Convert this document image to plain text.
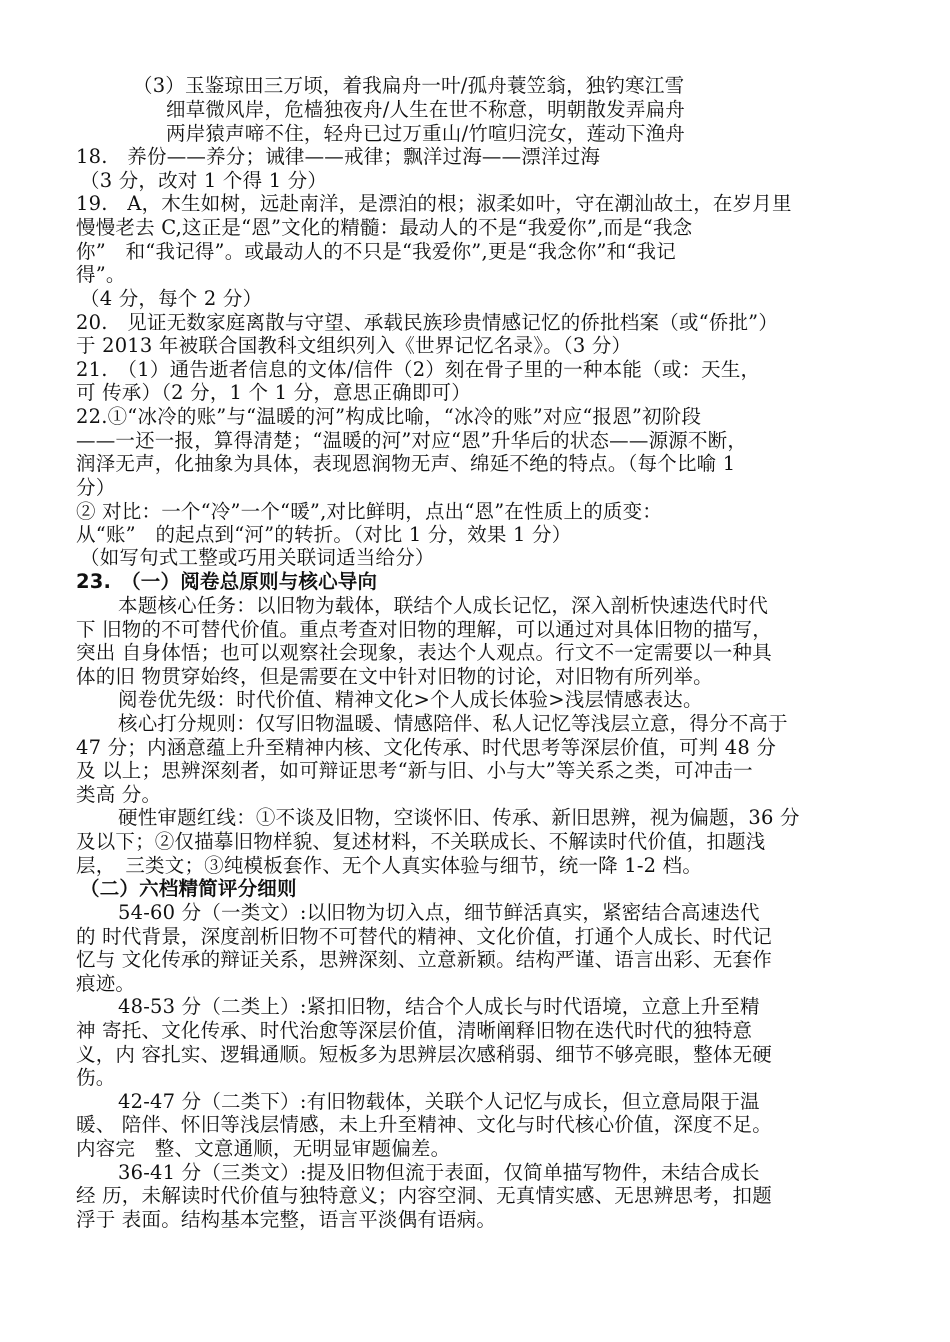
（3）玉鉴琼田三万顷，着我扁舟一叶/孤舟蓑笠翁，独钓寒江雪
细草微风岸，危樯独夜舟/人生在世不称意，明朝散发弄扁舟
两岸猿声啼不住，轻舟已过万重山/竹喧归浣女，莲动下渔舟
18.　养份——养分；诫律——戒律；飘洋过海——漂洋过海
（3 分，改对 1 个得 1 分）
19.　A，木生如树，远赴南洋，是漂泊的根；淑柔如叶，守在潮汕故土，在岁月里
慢慢老去 C,这正是“恩”文化的精髓：最动人的不是“我爱你”,而是“我念
你”　和“我记得”。或最动人的不只是“我爱你”,更是“我念你”和“我记
得”。
（4 分，每个 2 分）
20.　见证无数家庭离散与守望、承载民族珍贵情感记忆的侨批档案（或“侨批”）
于 2013 年被联合国教科文组织列入《世界记忆名录》。（3 分）
21.　（1）通告逝者信息的文体/信件（2）刻在骨子里的一种本能（或：天生，
可 传承）（2 分，1 个 1 分，意思正确即可）
22.①“冰冷的账”与“温暖的河”构成比喻，“冰冷的账”对应“报恩”初阶段
——一还一报，算得清楚；“温暖的河”对应“恩”升华后的状态——源源不断，
润泽无声，化抽象为具体，表现恩润物无声、绵延不绝的特点。（每个比喻 1
分）
② 对比：一个“冷”一个“暖”,对比鲜明，点出“恩”在性质上的质变：
从“账”　的起点到“河”的转折。（对比 1 分，效果 1 分）
（如写句式工整或巧用关联词适当给分）
23.　（一）阅卷总原则与核心导向
本题核心任务：以旧物为载体，联结个人成长记忆，深入剖析快速迭代时代
下 旧物的不可替代价值。重点考查对旧物的理解，可以通过对具体旧物的描写，
突出 自身体悟；也可以观察社会现象，表达个人观点。行文不一定需要以一种具
体的旧 物贯穿始终，但是需要在文中针对旧物的讨论，对旧物有所列举。
阅卷优先级：时代价值、精神文化>个人成长体验>浅层情感表达。
核心打分规则：仅写旧物温暖、情感陪伴、私人记忆等浅层立意，得分不高于
47 分；内涵意蕴上升至精神内核、文化传承、时代思考等深层价值，可判 48 分
及 以上；思辨深刻者，如可辩证思考“新与旧、小与大”等关系之类，可冲击一
类高 分。
硬性审题红线：①不谈及旧物，空谈怀旧、传承、新旧思辨，视为偏题，36 分
及以下；②仅描摹旧物样貌、复述材料，不关联成长、不解读时代价值，扣题浅
层，　三类文；③纯模板套作、无个人真实体验与细节，统一降 1-2 档。
（二）六档精简评分细则
54-60 分（一类文）:以旧物为切入点，细节鲜活真实，紧密结合高速迭代
的 时代背景，深度剖析旧物不可替代的精神、文化价值，打通个人成长、时代记
忆与 文化传承的辩证关系，思辨深刻、立意新颖。结构严谨、语言出彩、无套作
痕迹。
48-53 分（二类上）:紧扣旧物，结合个人成长与时代语境，立意上升至精
神 寄托、文化传承、时代治愈等深层价值，清晰阐释旧物在迭代时代的独特意
义，内 容扎实、逻辑通顺。短板多为思辨层次感稍弱、细节不够亮眼，整体无硬
伤。
42-47 分（二类下）:有旧物载体，关联个人记忆与成长，但立意局限于温
暖、 陪伴、怀旧等浅层情感，未上升至精神、文化与时代核心价值，深度不足。
内容完　整、文意通顺，无明显审题偏差。
36-41 分（三类文）:提及旧物但流于表面，仅简单描写物件，未结合成长
经 历，未解读时代价值与独特意义；内容空洞、无真情实感、无思辨思考，扣题
浮于 表面。结构基本完整，语言平淡偶有语病。
